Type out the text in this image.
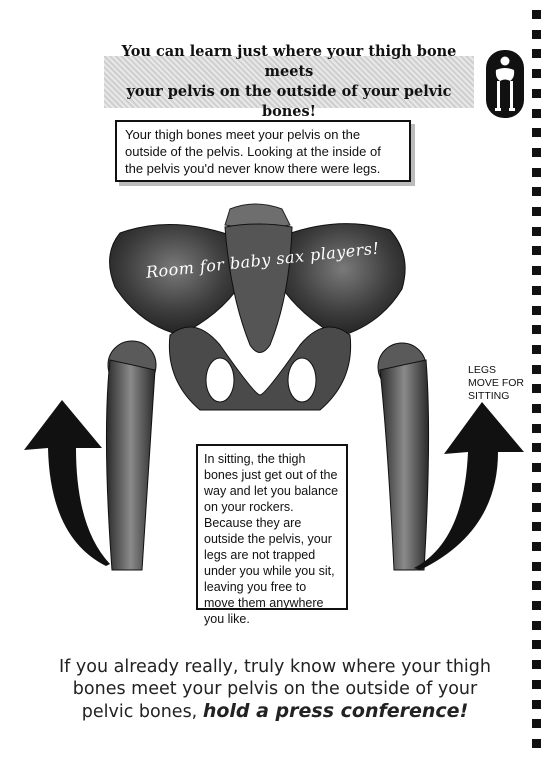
You can learn just where your thigh bone meets
your pelvis on the outside of your pelvic bones!
Your thigh bones meet your pelvis on the outside of the pelvis. Looking at the inside of the pelvis you'd never know there were legs.
Room for baby sax players!
LEGS
MOVE FOR
SITTING
In sitting, the thigh bones just get out of the way and let you balance on your rockers. Because they are outside the pelvis, your legs are not trapped under you while you sit, leaving you free to move them anywhere you like.
If you already really, truly know where your thigh
bones meet your pelvis on the outside of your
pelvic bones, hold a press conference!
